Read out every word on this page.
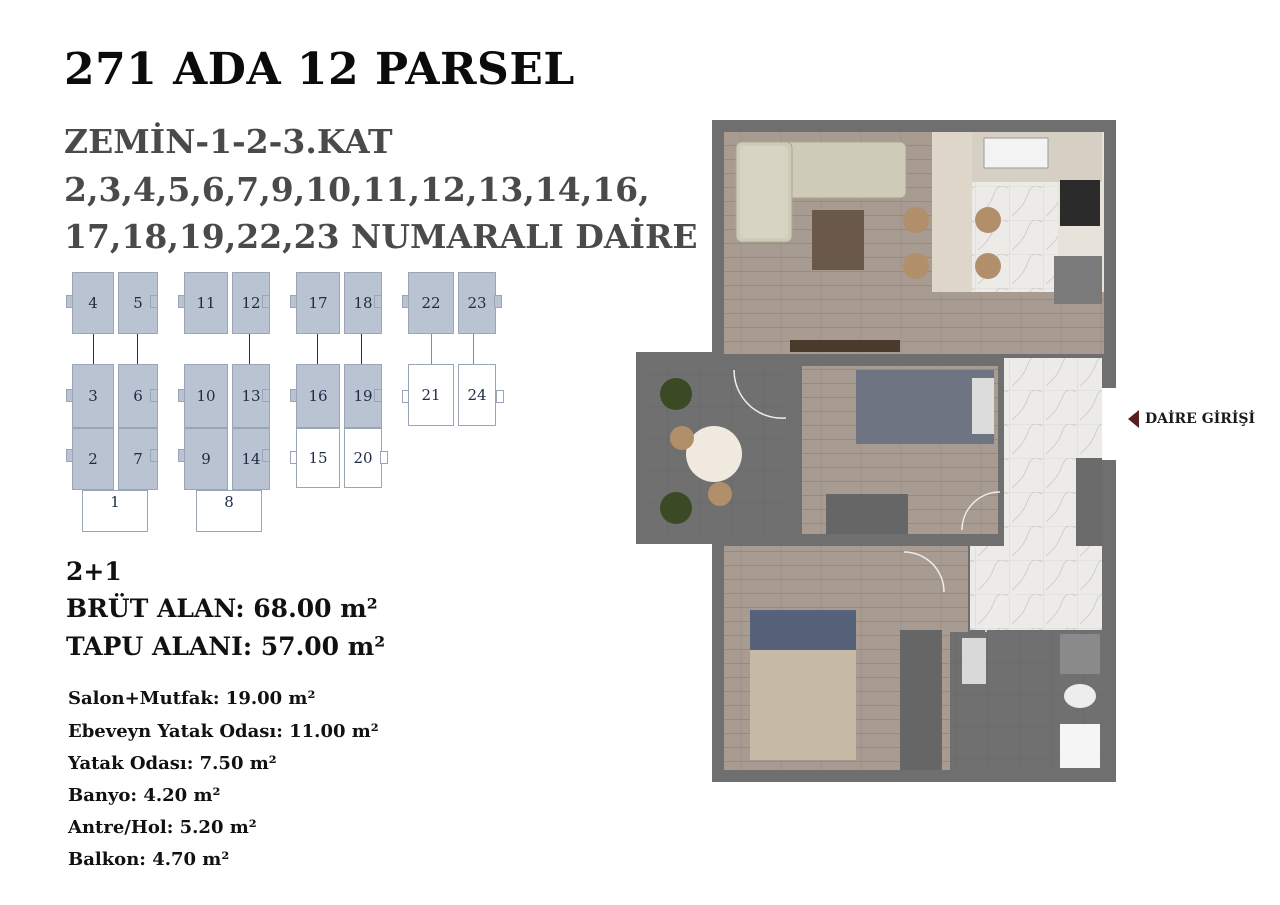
271 ADA 12 PARSEL
ZEMİN-1-2-3.KAT
2,3,4,5,6,7,9,10,11,12,13,14,16,
17,18,19,22,23 NUMARALI DAİRE
4	5
3	6
2	7
1
11	12
10	13
9	14
8
17	18
16	19
15	20
22	23
21	24
2+1
BRÜT ALAN: 68.00 m²
TAPU ALANI: 57.00 m²
Salon+Mutfak: 19.00 m²
Ebeveyn Yatak Odası: 11.00 m²
Yatak Odası: 7.50 m²
Banyo: 4.20 m²
Antre/Hol: 5.20 m²
Balkon: 4.70 m²
DAİRE GİRİŞİ
